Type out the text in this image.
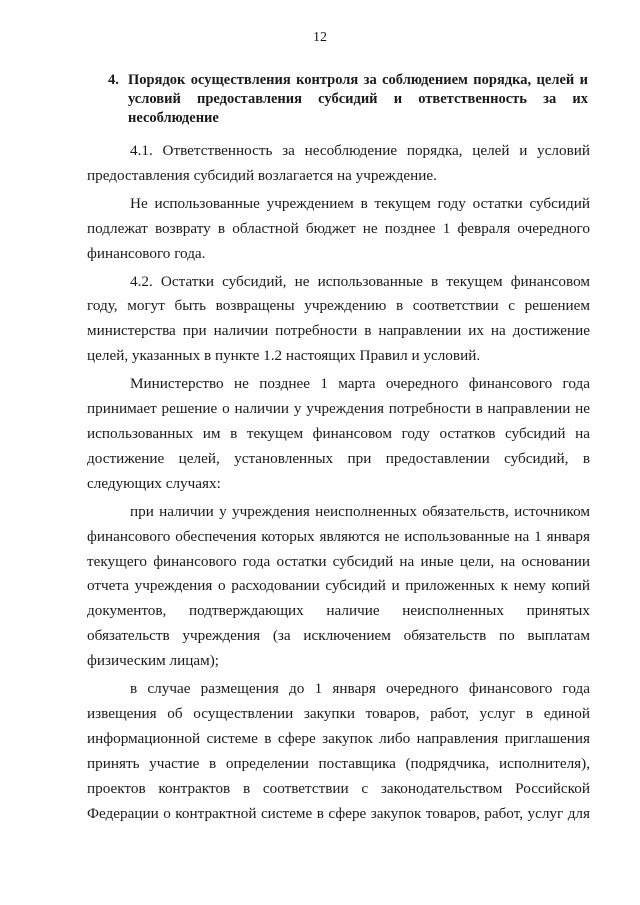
12
4. Порядок осуществления контроля за соблюдением порядка, целей и условий предоставления субсидий и ответственность за их несоблюдение

4.1. Ответственность за несоблюдение порядка, целей и условий предоставления субсидий возлагается на учреждение.

Не использованные учреждением в текущем году остатки субсидий подлежат возврату в областной бюджет не позднее 1 февраля очередного финансового года.

4.2. Остатки субсидий, не использованные в текущем финансовом году, могут быть возвращены учреждению в соответствии с решением министерства при наличии потребности в направлении их на достижение целей, указанных в пункте 1.2 настоящих Правил и условий.

Министерство не позднее 1 марта очередного финансового года принимает решение о наличии у учреждения потребности в направлении не использованных им в текущем финансовом году остатков субсидий на достижение целей, установленных при предоставлении субсидий, в следующих случаях:

при наличии у учреждения неисполненных обязательств, источником финансового обеспечения которых являются не использованные на 1 января текущего финансового года остатки субсидий на иные цели, на основании отчета учреждения о расходовании субсидий и приложенных к нему копий документов, подтверждающих наличие неисполненных принятых обязательств учреждения (за исключением обязательств по выплатам физическим лицам);

в случае размещения до 1 января очередного финансового года извещения об осуществлении закупки товаров, работ, услуг в единой информационной системе в сфере закупок либо направления приглашения принять участие в определении поставщика (подрядчика, исполнителя), проектов контрактов в соответствии с законодательством Российской Федерации о контрактной системе в сфере закупок товаров, работ, услуг для
